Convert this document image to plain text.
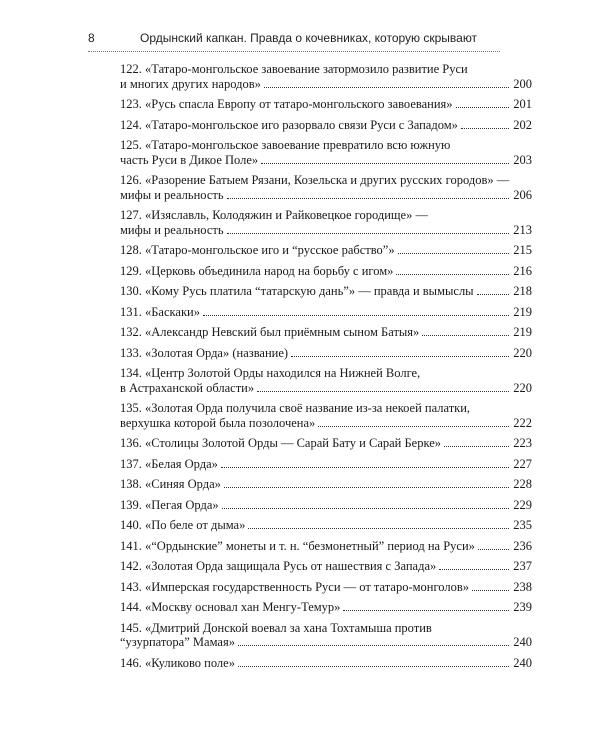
8	Ордынский капкан. Правда о кочевниках, которую скрывают
122. «Татаро-монгольское завоевание затормозило развитие Руси
и многих других народов»	200
123. «Русь спасла Европу от татаро-монгольского завоевания»	201
124. «Татаро-монгольское иго разорвало связи Руси с Западом»	202
125. «Татаро-монгольское завоевание превратило всю южную
часть Руси в Дикое Поле»	203
126. «Разорение Батыем Рязани, Козельска и других русских городов» —
мифы и реальность	206
127. «Изяславль, Колодяжин и Райковецкое городище» —
мифы и реальность	213
128. «Татаро-монгольское иго и “русское рабство”»	215
129. «Церковь объединила народ на борьбу с игом»	216
130. «Кому Русь платила “татарскую дань”» — правда и вымыслы	218
131. «Баскаки»	219
132. «Александр Невский был приёмным сыном Батыя»	219
133. «Золотая Орда» (название)	220
134. «Центр Золотой Орды находился на Нижней Волге,
в Астраханской области»	220
135. «Золотая Орда получила своё название из-за некоей палатки,
верхушка которой была позолочена»	222
136. «Столицы Золотой Орды — Сарай Бату и Сарай Берке»	223
137. «Белая Орда»	227
138. «Синяя Орда»	228
139. «Пегая Орда»	229
140. «По беле от дыма»	235
141. «“Ордынские” монеты и т. н. “безмонетный” период на Руси»	236
142. «Золотая Орда защищала Русь от нашествия с Запада»	237
143. «Имперская государственность Руси — от татаро-монголов»	238
144. «Москву основал хан Менгу-Темур»	239
145. «Дмитрий Донской воевал за хана Тохтамыша против
“узурпатора” Мамая»	240
146. «Куликово поле»	240
